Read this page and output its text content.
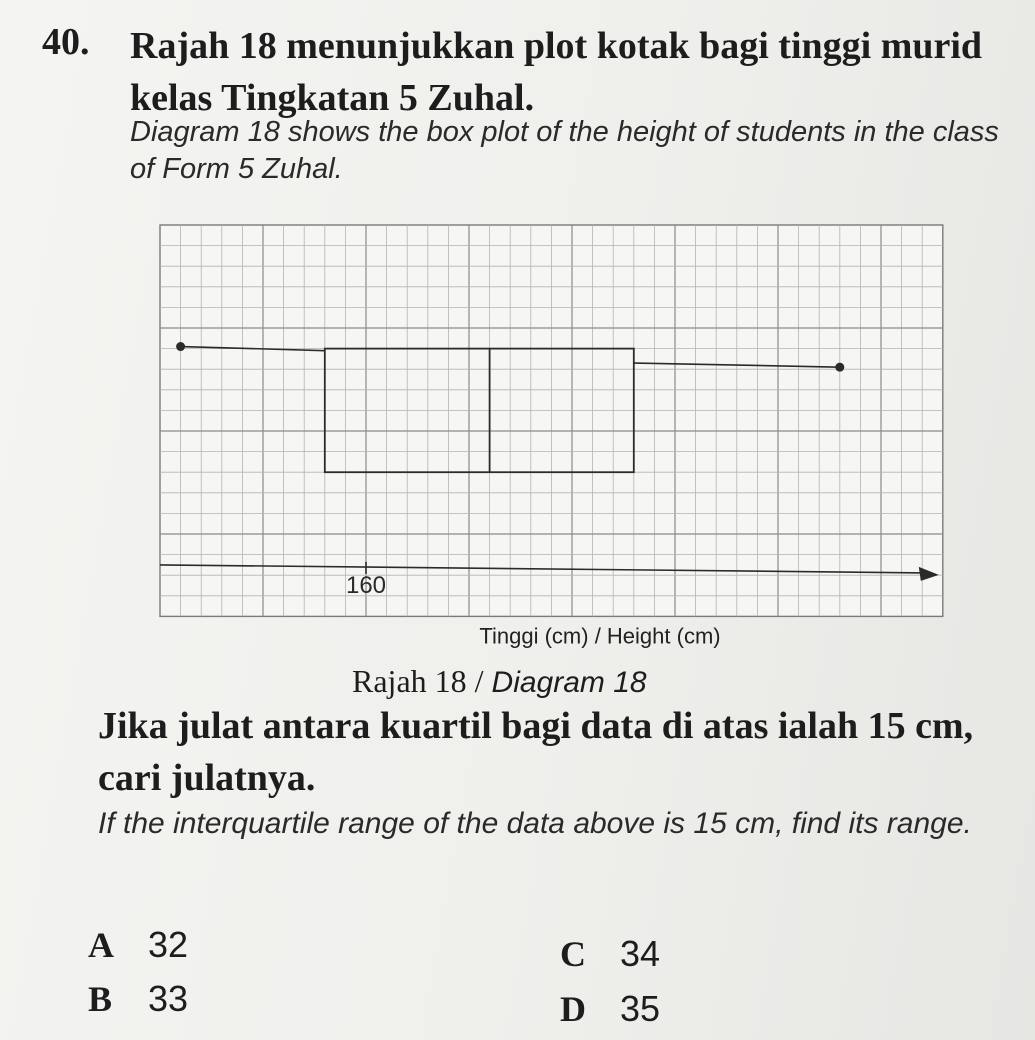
40. Rajah 18 menunjukkan plot kotak bagi tinggi murid kelas Tingkatan 5 Zuhal.
Diagram 18 shows the box plot of the height of students in the class of Form 5 Zuhal.
160
Tinggi (cm) / Height (cm)
Rajah 18 / Diagram 18
Jika julat antara kuartil bagi data di atas ialah 15 cm, cari julatnya.
If the interquartile range of the data above is 15 cm, find its range.
A 32
B 33
C 34
D 35
